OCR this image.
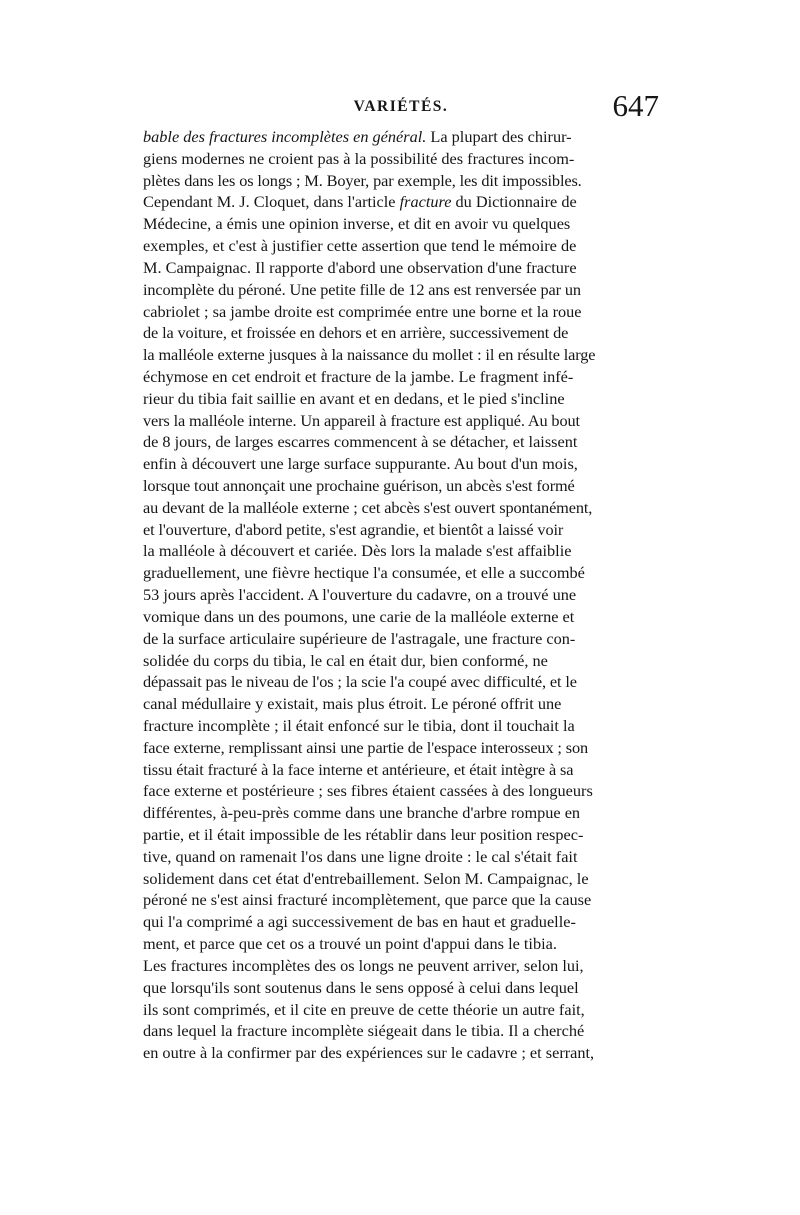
VARIÉTÉS.	647
bable des fractures incomplètes en général. La plupart des chirur-
giens modernes ne croient pas à la possibilité des fractures incom-
plètes dans les os longs ; M. Boyer, par exemple, les dit impossibles.
Cependant M. J. Cloquet, dans l'article fracture du Dictionnaire de
Médecine, a émis une opinion inverse, et dit en avoir vu quelques
exemples, et c'est à justifier cette assertion que tend le mémoire de
M. Campaignac. Il rapporte d'abord une observation d'une fracture
incomplète du péroné. Une petite fille de 12 ans est renversée par un
cabriolet ; sa jambe droite est comprimée entre une borne et la roue
de la voiture, et froissée en dehors et en arrière, successivement de
la malléole externe jusques à la naissance du mollet : il en résulte large
échymose en cet endroit et fracture de la jambe. Le fragment infé-
rieur du tibia fait saillie en avant et en dedans, et le pied s'incline
vers la malléole interne. Un appareil à fracture est appliqué. Au bout
de 8 jours, de larges escarres commencent à se détacher, et laissent
enfin à découvert une large surface suppurante. Au bout d'un mois,
lorsque tout annonçait une prochaine guérison, un abcès s'est formé
au devant de la malléole externe ; cet abcès s'est ouvert spontanément,
et l'ouverture, d'abord petite, s'est agrandie, et bientôt a laissé voir
la malléole à découvert et cariée. Dès lors la malade s'est affaiblie
graduellement, une fièvre hectique l'a consumée, et elle a succombé
53 jours après l'accident. A l'ouverture du cadavre, on a trouvé une
vomique dans un des poumons, une carie de la malléole externe et
de la surface articulaire supérieure de l'astragale, une fracture con-
solidée du corps du tibia, le cal en était dur, bien conformé, ne
dépassait pas le niveau de l'os ; la scie l'a coupé avec difficulté, et le
canal médullaire y existait, mais plus étroit. Le péroné offrit une
fracture incomplète ; il était enfoncé sur le tibia, dont il touchait la
face externe, remplissant ainsi une partie de l'espace interosseux ; son
tissu était fracturé à la face interne et antérieure, et était intègre à sa
face externe et postérieure ; ses fibres étaient cassées à des longueurs
différentes, à-peu-près comme dans une branche d'arbre rompue en
partie, et il était impossible de les rétablir dans leur position respec-
tive, quand on ramenait l'os dans une ligne droite : le cal s'était fait
solidement dans cet état d'entrebaillement. Selon M. Campaignac, le
péroné ne s'est ainsi fracturé incomplètement, que parce que la cause
qui l'a comprimé a agi successivement de bas en haut et graduelle-
ment, et parce que cet os a trouvé un point d'appui dans le tibia.
Les fractures incomplètes des os longs ne peuvent arriver, selon lui,
que lorsqu'ils sont soutenus dans le sens opposé à celui dans lequel
ils sont comprimés, et il cite en preuve de cette théorie un autre fait,
dans lequel la fracture incomplète siégeait dans le tibia. Il a cherché
en outre à la confirmer par des expériences sur le cadavre ; et serrant,
